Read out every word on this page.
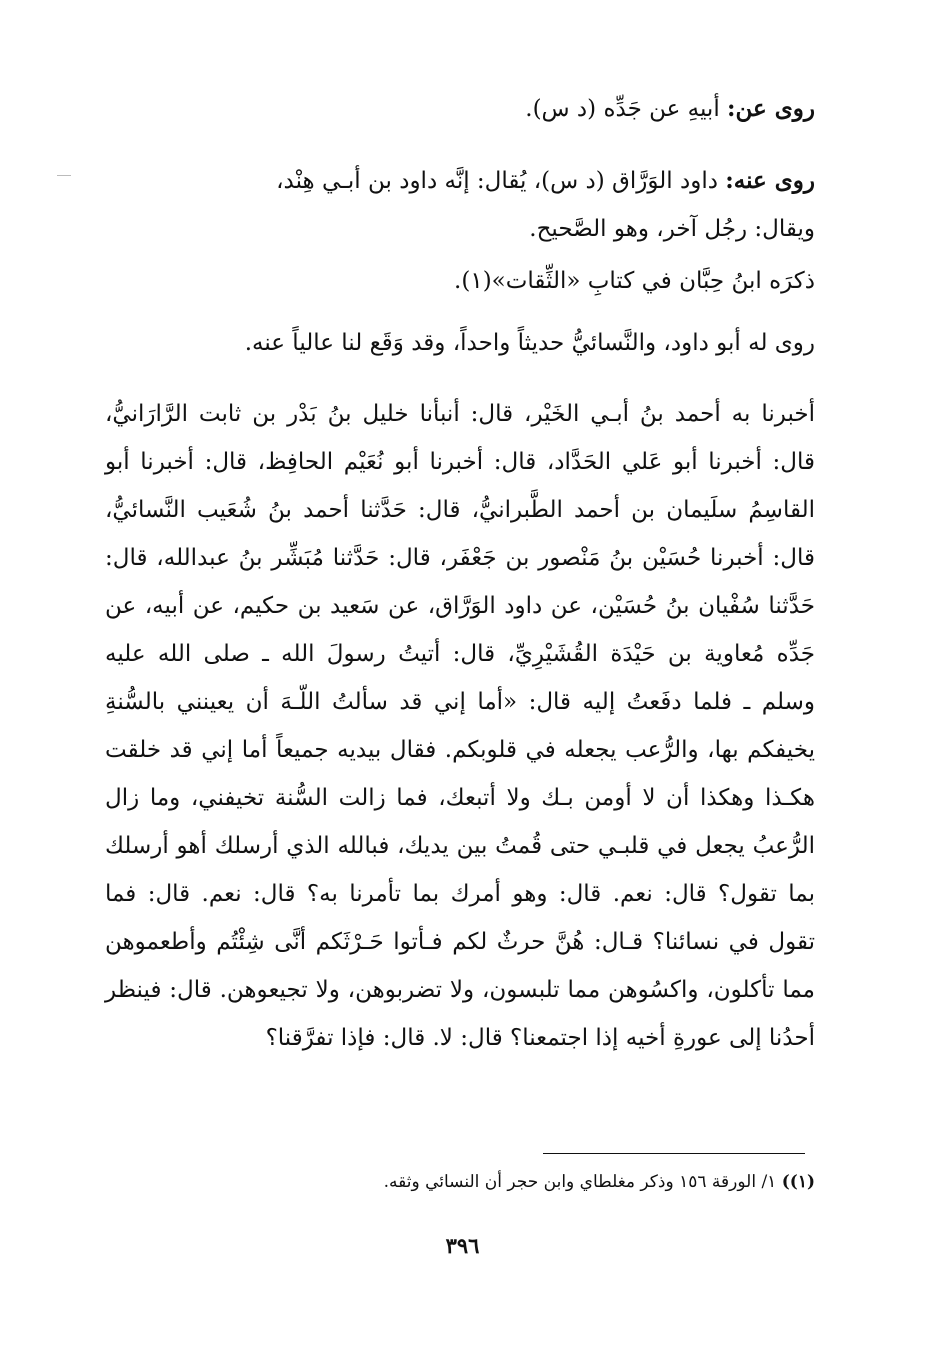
روى عن: أبيهِ عن جَدِّه (د س).
روى عنه: داود الوَرَّاق (د س)، يُقال: إنَّه داود بن أبـي هِنْد،
ويقال: رجُل آخر، وهو الصَّحيح.
ذكرَه ابنُ حِبَّان في كتابِ «الثِّقات»(١).
روى له أبو داود، والنَّسائيُّ حديثاً واحداً، وقد وَقَع لنا عالياً عنه.
أخبرنا به أحمد بنُ أبـي الخَيْر، قال: أنبأنا خليل بنُ بَدْر بن ثابت الرَّارَانيُّ، قال: أخبرنا أبو عَلي الحَدَّاد، قال: أخبرنا أبو نُعَيْم الحافِظ، قال: أخبرنا أبو القاسِمُ سلَيمان بن أحمد الطَّبرانيُّ، قال: حَدَّثنا أحمد بنُ شُعَيب النَّسائيُّ، قال: أخبرنا حُسَيْن بنُ مَنْصور بن جَعْفَر، قال: حَدَّثنا مُبَشِّر بنُ عبدالله، قال: حَدَّثنا سُفْيان بنُ حُسَيْن، عن داود الوَرَّاق، عن سَعيد بن حكيم، عن أبيه، عن جَدِّه مُعاوية بن حَيْدَة القُشَيْرِيِّ، قال: أتيتُ رسولَ الله ـ صلى الله عليه وسلم ـ فلما دفَعتُ إليه قال: «أما إني قد سألتُ اللّـهَ أن يعينني بالسُّنةِ يخيفكم بها، والرُّعب يجعله في قلوبكم. فقال بيديه جميعاً أما إني قد خلقت هكـذا وهكذا أن لا أومن بـك ولا أتبعك، فما زالت السُّنة تخيفني، وما زال الرُّعبُ يجعل في قلبـي حتى قُمتُ بين يديك، فبالله الذي أرسلك أهو أرسلك بما تقول؟ قال: نعم. قال: وهو أمرك بما تأمرنا به؟ قال: نعم. قال: فما تقول في نسائنا؟ قـال: هُنَّ حرثٌ لكم فـأتوا حَـرْثَكم أنَّى شِئْتُم وأطعموهن مما تأكلون، واكسُوهن مما تلبسون، ولا تضربوهن، ولا تجيعوهن. قال: فينظر أحدُنا إلى عورةِ أخيه إذا اجتمعنا؟ قال: لا. قال: فإذا تفرَّقنا؟
(١)) ١/ الورقة ١٥٦ وذكر مغلطاي وابن حجر أن النسائي وثقه.
٣٩٦
